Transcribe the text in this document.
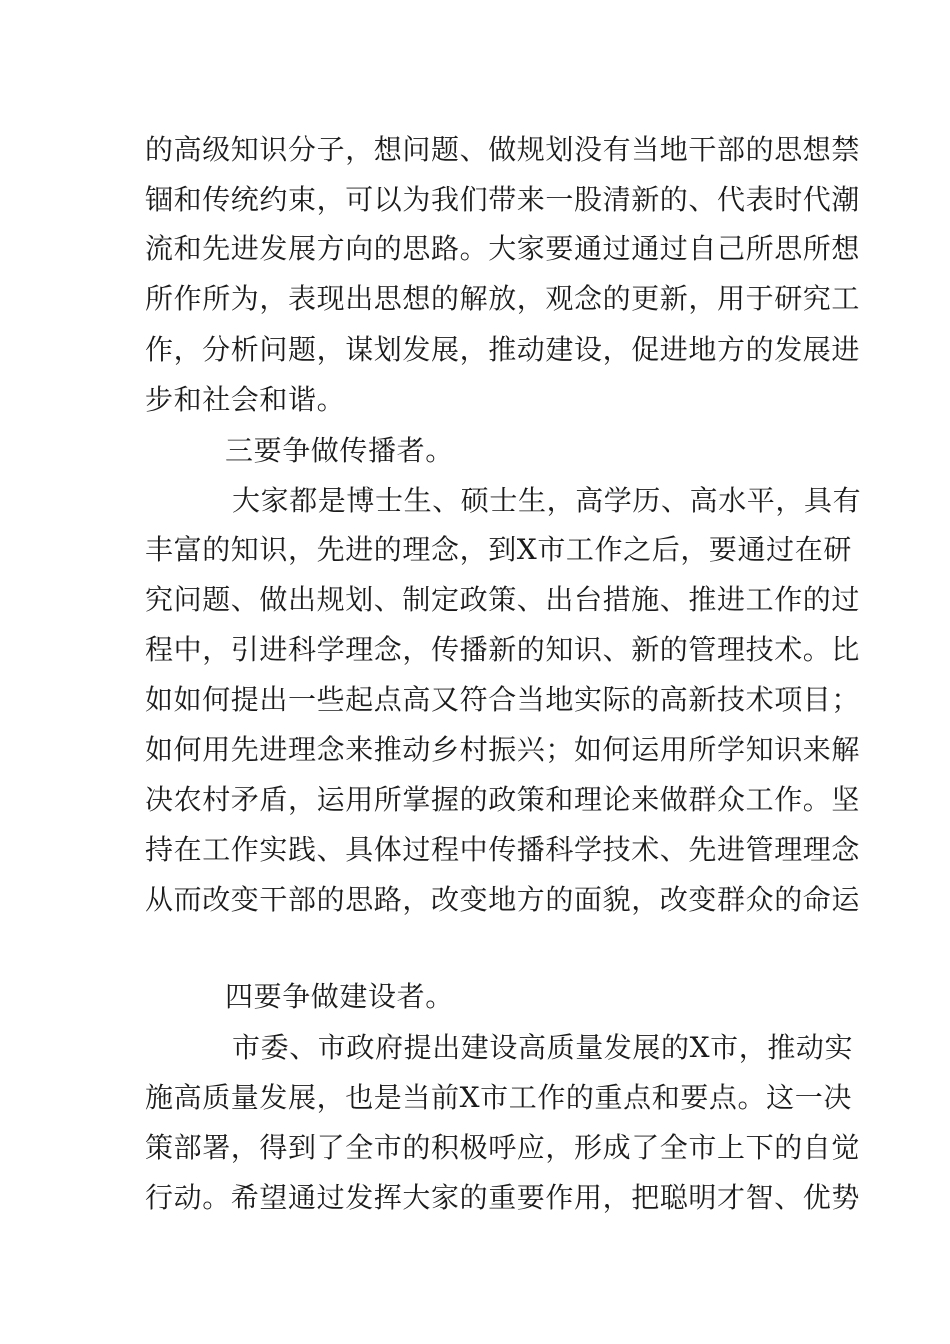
的高级知识分子，想问题、做规划没有当地干部的思想禁
锢和传统约束，可以为我们带来一股清新的、代表时代潮
流和先进发展方向的思路。大家要通过通过自己所思所想
所作所为，表现出思想的解放，观念的更新，用于研究工
作，分析问题，谋划发展，推动建设，促进地方的发展进
步和社会和谐。
三要争做传播者。
大家都是博士生、硕士生，高学历、高水平，具有
丰富的知识，先进的理念，到X市工作之后，要通过在研
究问题、做出规划、制定政策、出台措施、推进工作的过
程中，引进科学理念，传播新的知识、新的管理技术。比
如如何提出一些起点高又符合当地实际的高新技术项目；
如何用先进理念来推动乡村振兴；如何运用所学知识来解
决农村矛盾，运用所掌握的政策和理论来做群众工作。坚
持在工作实践、具体过程中传播科学技术、先进管理理念
从而改变干部的思路，改变地方的面貌，改变群众的命运
四要争做建设者。
市委、市政府提出建设高质量发展的X市，推动实
施高质量发展，也是当前X市工作的重点和要点。这一决
策部署，得到了全市的积极呼应，形成了全市上下的自觉
行动。希望通过发挥大家的重要作用，把聪明才智、优势
